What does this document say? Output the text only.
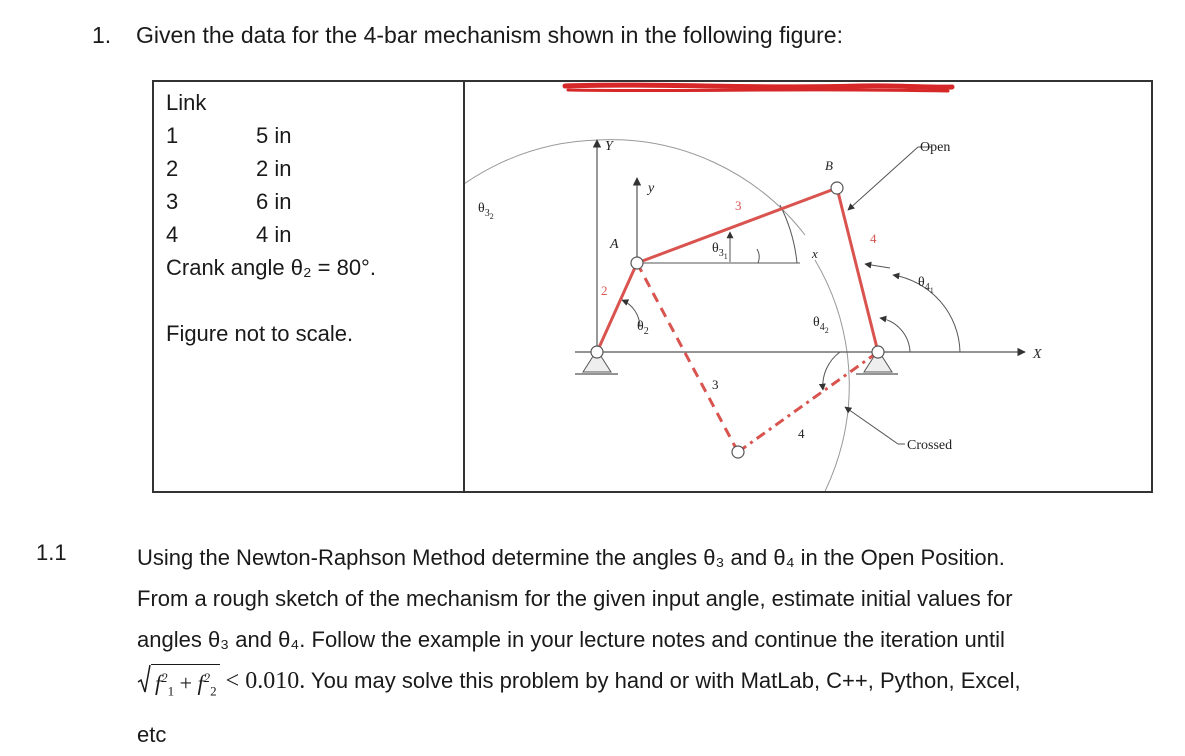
1. Given the data for the 4-bar mechanism shown in the following figure:
Link
1	5 in
2	2 in
3	6 in
4	4 in
Crank angle θ₂ = 80°.
Figure not to scale.
Y
y
x
X
A
B
2
3
4
3
4
Open
Crossed
$\theta_{32}$
$\theta_{31}$
$\theta_2$
$\theta_{41}$
$\theta_{42}$
1.1	Using the Newton-Raphson Method determine the angles θ₃ and θ₄ in the Open Position.

From a rough sketch of the mechanism for the given input angle, estimate initial values for

angles θ₃ and θ₄. Follow the example in your lecture notes and continue the iteration until

$f^2_1 + f^2_2 < 0.010$. You may solve this problem by hand or with MatLab, C++, Python, Excel,

etc
